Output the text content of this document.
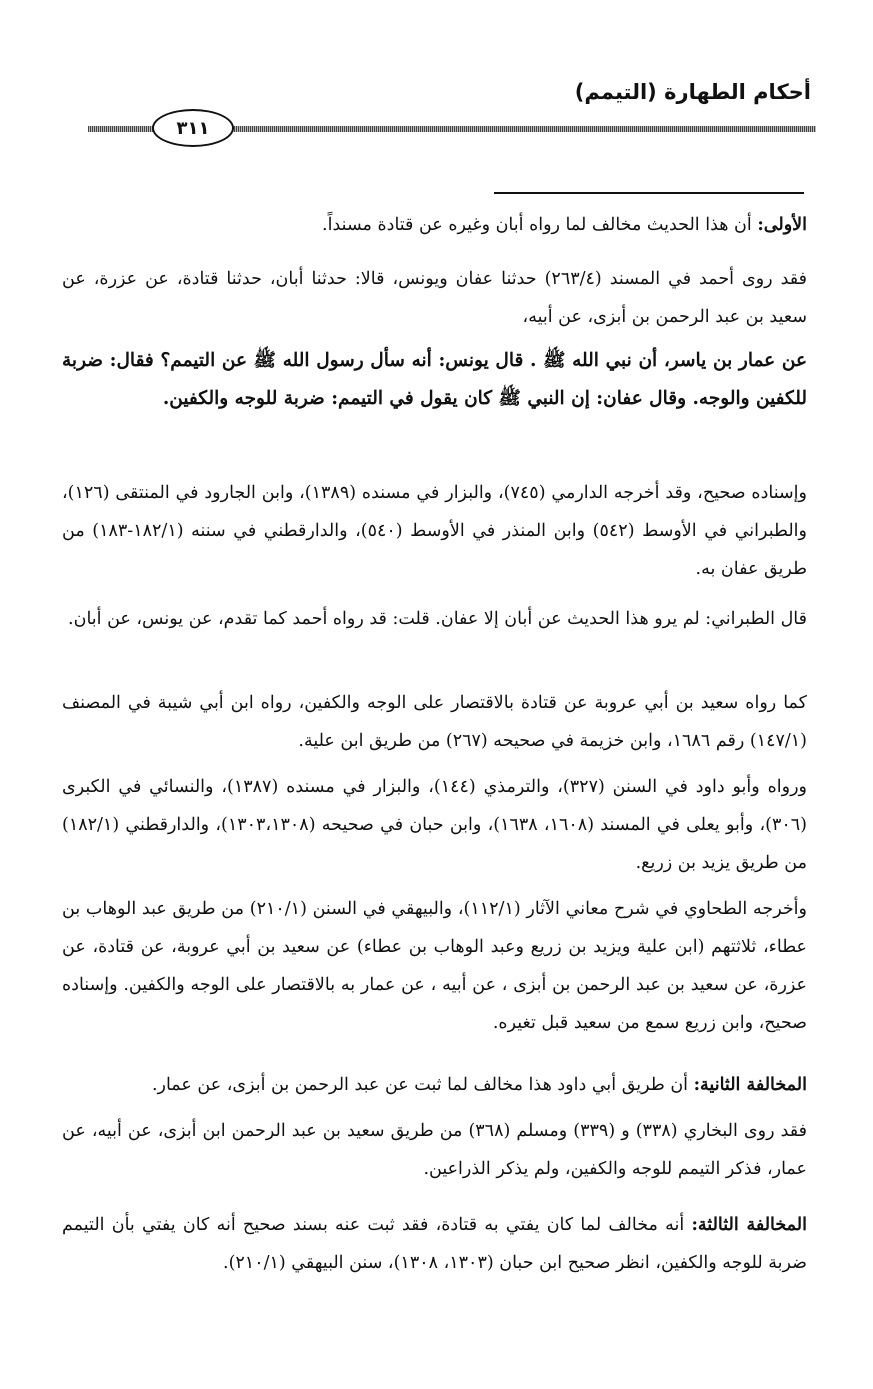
أحكام الطهارة (التيمم)
٣١١

الأولى: أن هذا الحديث مخالف لما رواه أبان وغيره عن قتادة مسنداً.

فقد روى أحمد في المسند (٢٦٣/٤) حدثنا عفان ويونس، قالا: حدثنا أبان، حدثنا قتادة، عن عزرة، عن سعيد بن عبد الرحمن بن أبزى، عن أبيه،

عن عمار بن ياسر، أن نبي الله ﷺ . قال يونس: أنه سأل رسول الله ﷺ عن التيمم؟ فقال: ضربة للكفين والوجه. وقال عفان: إن النبي ﷺ كان يقول في التيمم: ضربة للوجه والكفين.

وإسناده صحيح، وقد أخرجه الدارمي (٧٤٥)، والبزار في مسنده (١٣٨٩)، وابن الجارود في المنتقى (١٢٦)، والطبراني في الأوسط (٥٤٢) وابن المنذر في الأوسط (٥٤٠)، والدارقطني في سننه (١٨٢/١-١٨٣) من طريق عفان به.

قال الطبراني: لم يرو هذا الحديث عن أبان إلا عفان. قلت: قد رواه أحمد كما تقدم، عن يونس، عن أبان.

كما رواه سعيد بن أبي عروبة عن قتادة بالاقتصار على الوجه والكفين، رواه ابن أبي شيبة في المصنف (١٤٧/١) رقم ١٦٨٦، وابن خزيمة في صحيحه (٢٦٧) من طريق ابن علية.

ورواه وأبو داود في السنن (٣٢٧)، والترمذي (١٤٤)، والبزار في مسنده (١٣٨٧)، والنسائي في الكبرى (٣٠٦)، وأبو يعلى في المسند (١٦٠٨، ١٦٣٨)، وابن حبان في صحيحه (١٣٠٣،١٣٠٨)، والدارقطني (١٨٢/١) من طريق يزيد بن زريع.

وأخرجه الطحاوي في شرح معاني الآثار (١١٢/١)، والبيهقي في السنن (٢١٠/١) من طريق عبد الوهاب بن عطاء، ثلاثتهم (ابن علية ويزيد بن زريع وعبد الوهاب بن عطاء) عن سعيد بن أبي عروبة، عن قتادة، عن عزرة، عن سعيد بن عبد الرحمن بن أبزى ، عن أبيه ، عن عمار به بالاقتصار على الوجه والكفين. وإسناده صحيح، وابن زريع سمع من سعيد قبل تغيره.

المخالفة الثانية: أن طريق أبي داود هذا مخالف لما ثبت عن عبد الرحمن بن أبزى، عن عمار.

فقد روى البخاري (٣٣٨) و (٣٣٩) ومسلم (٣٦٨) من طريق سعيد بن عبد الرحمن ابن أبزى، عن أبيه، عن عمار، فذكر التيمم للوجه والكفين، ولم يذكر الذراعين.

المخالفة الثالثة: أنه مخالف لما كان يفتي به قتادة، فقد ثبت عنه بسند صحيح أنه كان يفتي بأن التيمم ضربة للوجه والكفين، انظر صحيح ابن حبان (١٣٠٣، ١٣٠٨)، سنن البيهقي (٢١٠/١).
